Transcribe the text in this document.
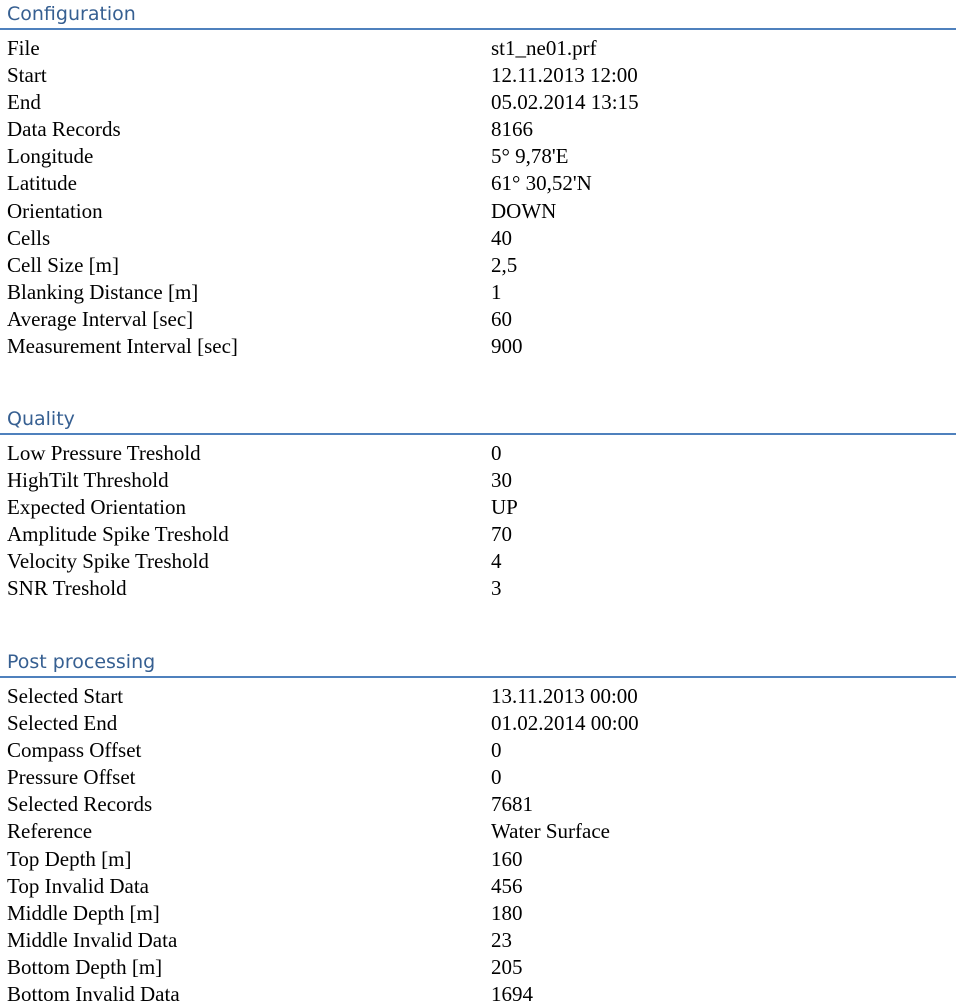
Configuration
File	st1_ne01.prf
Start	12.11.2013 12:00
End	05.02.2014 13:15
Data Records	8166
Longitude	5° 9,78'E
Latitude	61° 30,52'N
Orientation	DOWN
Cells	40
Cell Size [m]	2,5
Blanking Distance [m]	1
Average Interval [sec]	60
Measurement Interval [sec]	900
Quality
Low Pressure Treshold	0
HighTilt Threshold	30
Expected Orientation	UP
Amplitude Spike Treshold	70
Velocity Spike Treshold	4
SNR Treshold	3
Post processing
Selected Start	13.11.2013 00:00
Selected End	01.02.2014 00:00
Compass Offset	0
Pressure Offset	0
Selected Records	7681
Reference	Water Surface
Top Depth [m]	160
Top Invalid Data	456
Middle Depth [m]	180
Middle Invalid Data	23
Bottom Depth [m]	205
Bottom Invalid Data	1694
